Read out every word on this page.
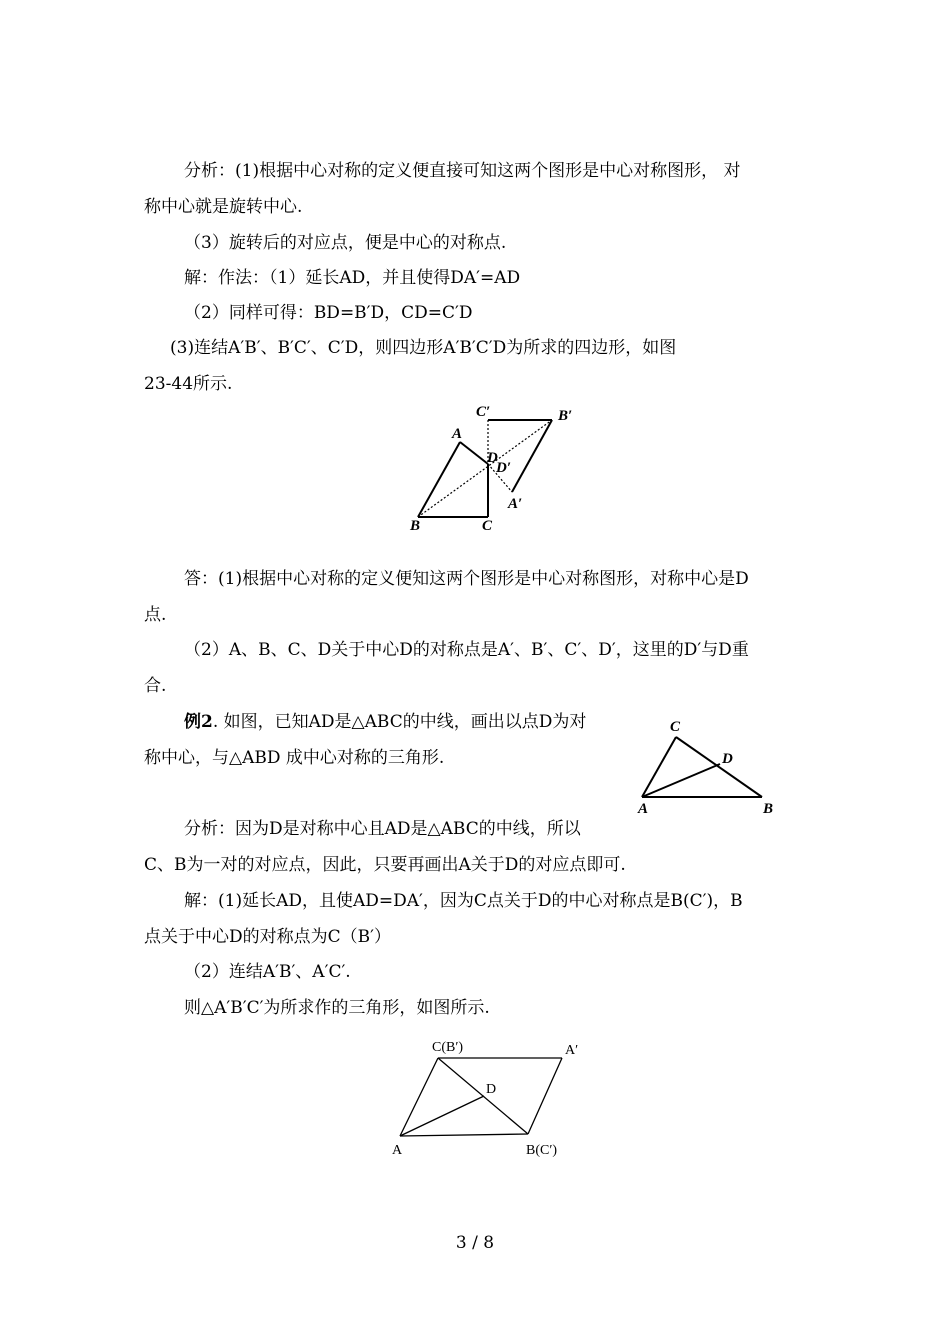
分析：(1)根据中心对称的定义便直接可知这两个图形是中心对称图形， 对
称中心就是旋转中心.
（3）旋转后的对应点，便是中心的对称点.
解：作法：（1）延长AD，并且使得DA′=AD
（2）同样可得：BD=B′D，CD=C′D
(3)连结A′B′、B′C′、C′D，则四边形A′B′C′D为所求的四边形，如图
23-44所示.
C′	B′
A
D
D′
A′
B	C
答：(1)根据中心对称的定义便知这两个图形是中心对称图形，对称中心是D
点.
（2）A、B、C、D关于中心D的对称点是A′、B′、C′、D′，这里的D′与D重
合.
例2. 如图，已知AD是△ABC的中线，画出以点D为对
称中心，与△ABD 成中心对称的三角形.
C
D
A	B
分析：因为D是对称中心且AD是△ABC的中线，所以
C、B为一对的对应点，因此，只要再画出A关于D的对应点即可.
解：(1)延长AD，且使AD=DA′，因为C点关于D的中心对称点是B(C′)，B
点关于中心D的对称点为C（B′）
（2）连结A′B′、A′C′.
则△A′B′C′为所求作的三角形，如图所示.
C(B′)	A′
D
A	B(C′)
3 / 8
